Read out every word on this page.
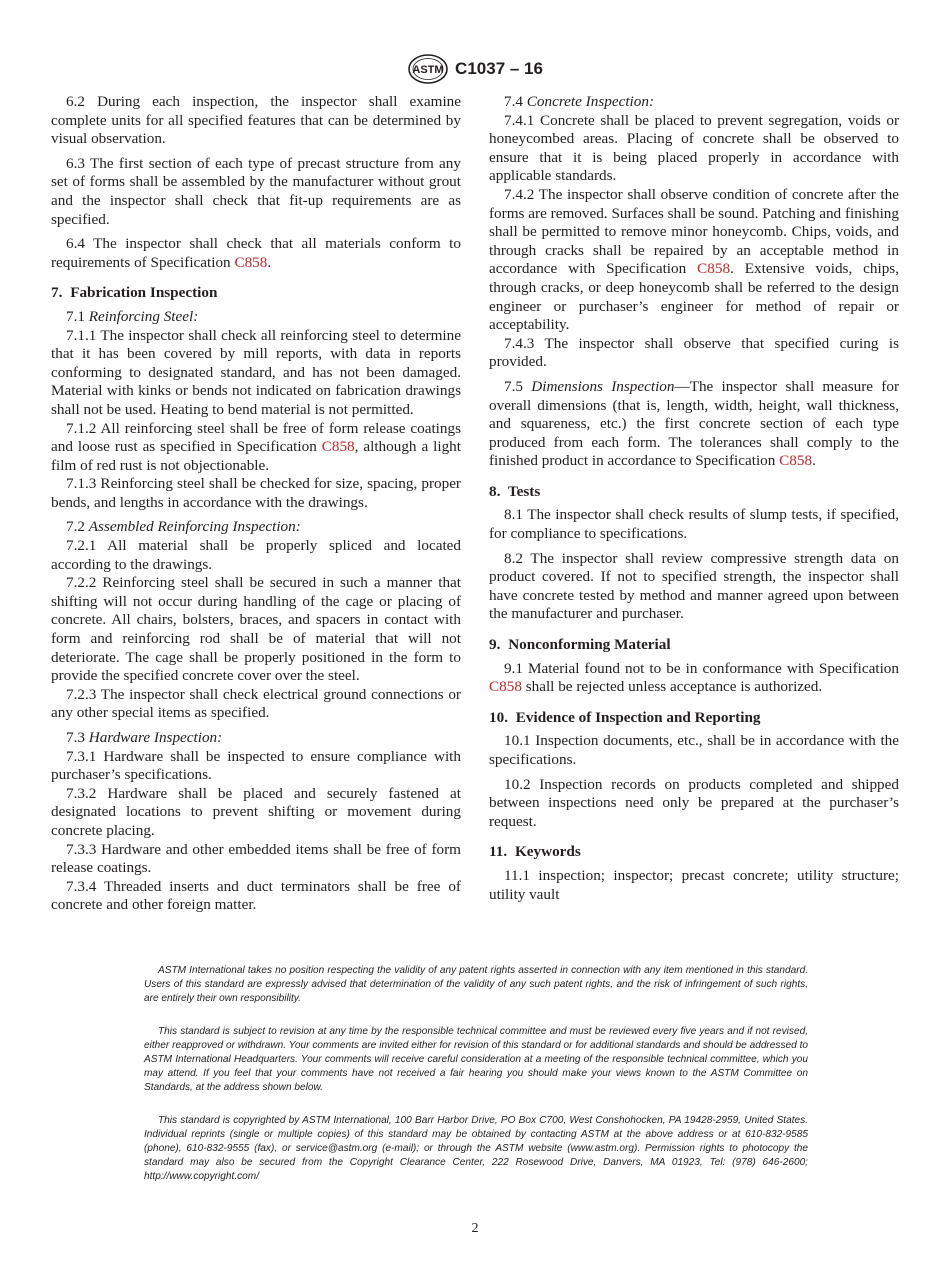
ASTM C1037 – 16

6.2 During each inspection, the inspector shall examine complete units for all specified features that can be determined by visual observation.

6.3 The first section of each type of precast structure from any set of forms shall be assembled by the manufacturer without grout and the inspector shall check that fit-up requirements are as specified.

6.4 The inspector shall check that all materials conform to requirements of Specification C858.

7. Fabrication Inspection

7.1 Reinforcing Steel:

7.1.1 The inspector shall check all reinforcing steel to determine that it has been covered by mill reports, with data in reports conforming to designated standard, and has not been damaged. Material with kinks or bends not indicated on fabrication drawings shall not be used. Heating to bend material is not permitted.

7.1.2 All reinforcing steel shall be free of form release coatings and loose rust as specified in Specification C858, although a light film of red rust is not objectionable.

7.1.3 Reinforcing steel shall be checked for size, spacing, proper bends, and lengths in accordance with the drawings.

7.2 Assembled Reinforcing Inspection:

7.2.1 All material shall be properly spliced and located according to the drawings.

7.2.2 Reinforcing steel shall be secured in such a manner that shifting will not occur during handling of the cage or placing of concrete. All chairs, bolsters, braces, and spacers in contact with form and reinforcing rod shall be of material that will not deteriorate. The cage shall be properly positioned in the form to provide the specified concrete cover over the steel.

7.2.3 The inspector shall check electrical ground connections or any other special items as specified.

7.3 Hardware Inspection:

7.3.1 Hardware shall be inspected to ensure compliance with purchaser’s specifications.

7.3.2 Hardware shall be placed and securely fastened at designated locations to prevent shifting or movement during concrete placing.

7.3.3 Hardware and other embedded items shall be free of form release coatings.

7.3.4 Threaded inserts and duct terminators shall be free of concrete and other foreign matter.

7.4 Concrete Inspection:

7.4.1 Concrete shall be placed to prevent segregation, voids or honeycombed areas. Placing of concrete shall be observed to ensure that it is being placed properly in accordance with applicable standards.

7.4.2 The inspector shall observe condition of concrete after the forms are removed. Surfaces shall be sound. Patching and finishing shall be permitted to remove minor honeycomb. Chips, voids, and through cracks shall be repaired by an acceptable method in accordance with Specification C858. Extensive voids, chips, through cracks, or deep honeycomb shall be referred to the design engineer or purchaser’s engineer for method of repair or acceptability.

7.4.3 The inspector shall observe that specified curing is provided.

7.5 Dimensions Inspection—The inspector shall measure for overall dimensions (that is, length, width, height, wall thickness, and squareness, etc.) the first concrete section of each type produced from each form. The tolerances shall comply to the finished product in accordance to Specification C858.

8. Tests

8.1 The inspector shall check results of slump tests, if specified, for compliance to specifications.

8.2 The inspector shall review compressive strength data on product covered. If not to specified strength, the inspector shall have concrete tested by method and manner agreed upon between the manufacturer and purchaser.

9. Nonconforming Material

9.1 Material found not to be in conformance with Specification C858 shall be rejected unless acceptance is authorized.

10. Evidence of Inspection and Reporting

10.1 Inspection documents, etc., shall be in accordance with the specifications.

10.2 Inspection records on products completed and shipped between inspections need only be prepared at the purchaser’s request.

11. Keywords

11.1 inspection; inspector; precast concrete; utility structure; utility vault

ASTM International takes no position respecting the validity of any patent rights asserted in connection with any item mentioned in this standard. Users of this standard are expressly advised that determination of the validity of any such patent rights, and the risk of infringement of such rights, are entirely their own responsibility.

This standard is subject to revision at any time by the responsible technical committee and must be reviewed every five years and if not revised, either reapproved or withdrawn. Your comments are invited either for revision of this standard or for additional standards and should be addressed to ASTM International Headquarters. Your comments will receive careful consideration at a meeting of the responsible technical committee, which you may attend. If you feel that your comments have not received a fair hearing you should make your views known to the ASTM Committee on Standards, at the address shown below.

This standard is copyrighted by ASTM International, 100 Barr Harbor Drive, PO Box C700, West Conshohocken, PA 19428-2959, United States. Individual reprints (single or multiple copies) of this standard may be obtained by contacting ASTM at the above address or at 610-832-9585 (phone), 610-832-9555 (fax), or service@astm.org (e-mail); or through the ASTM website (www.astm.org). Permission rights to photocopy the standard may also be secured from the Copyright Clearance Center, 222 Rosewood Drive, Danvers, MA 01923, Tel: (978) 646-2600; http://www.copyright.com/

2
